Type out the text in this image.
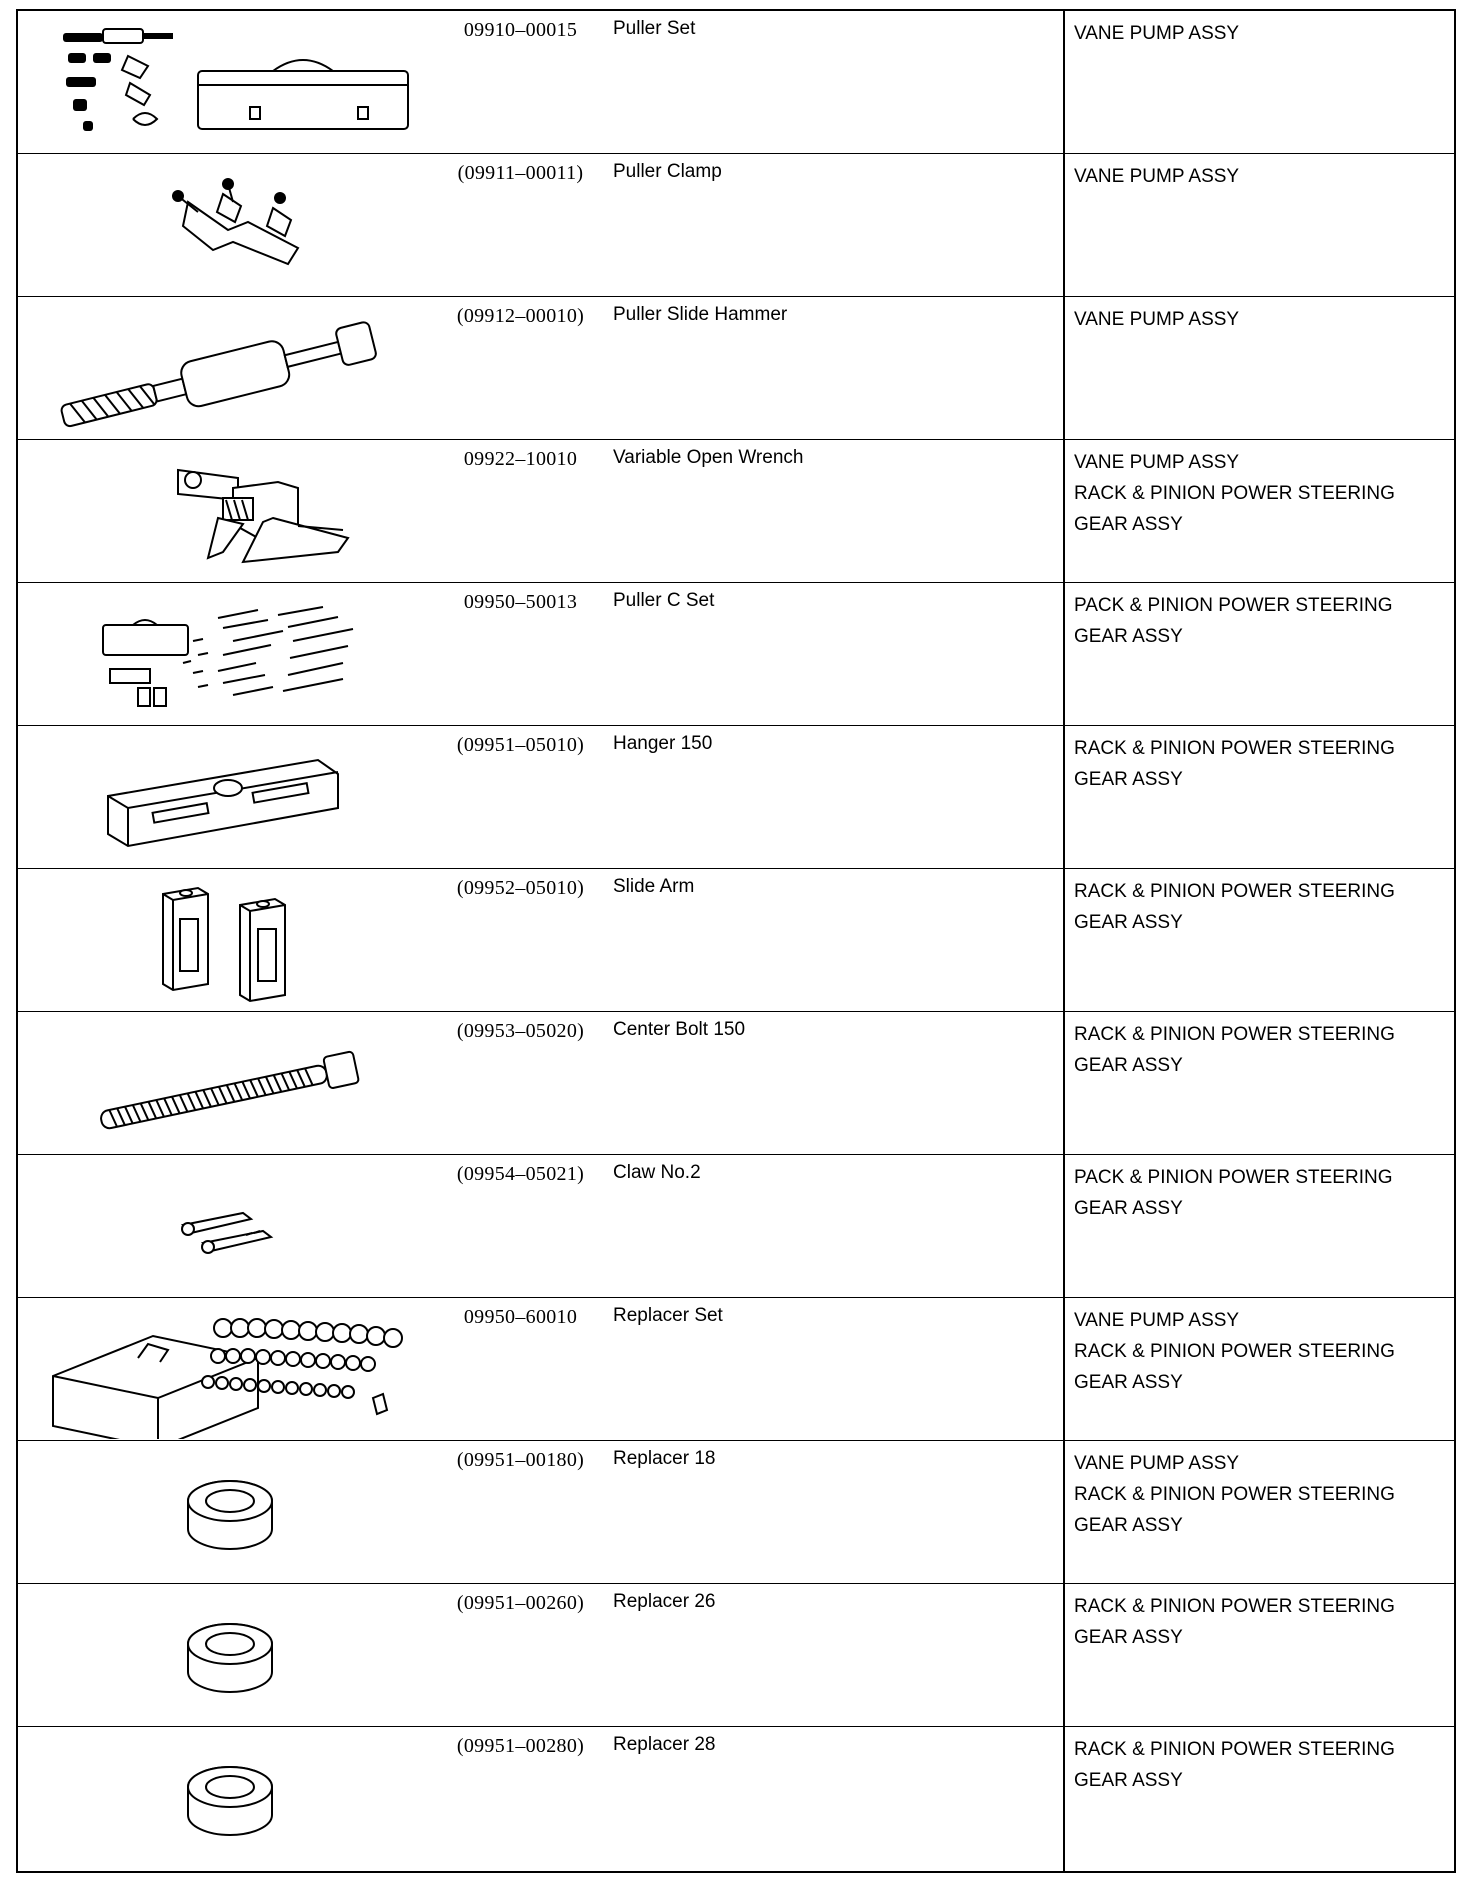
09910–00015	Puller Set	VANE PUMP ASSY
(09911–00011)	Puller Clamp	VANE PUMP ASSY
(09912–00010)	Puller Slide Hammer	VANE PUMP ASSY
09922–10010	Variable Open Wrench	VANE PUMP ASSY
RACK & PINION POWER STEERING
GEAR ASSY
09950–50013	Puller C Set	PACK & PINION POWER STEERING
GEAR ASSY
(09951–05010)	Hanger 150	RACK & PINION POWER STEERING
GEAR ASSY
(09952–05010)	Slide Arm	RACK & PINION POWER STEERING
GEAR ASSY
(09953–05020)	Center Bolt 150	RACK & PINION POWER STEERING
GEAR ASSY
(09954–05021)	Claw No.2	PACK & PINION POWER STEERING
GEAR ASSY
09950–60010	Replacer Set	VANE PUMP ASSY
RACK & PINION POWER STEERING
GEAR ASSY
(09951–00180)	Replacer 18	VANE PUMP ASSY
RACK & PINION POWER STEERING
GEAR ASSY
(09951–00260)	Replacer 26	RACK & PINION POWER STEERING
GEAR ASSY
(09951–00280)	Replacer 28	RACK & PINION POWER STEERING
GEAR ASSY
